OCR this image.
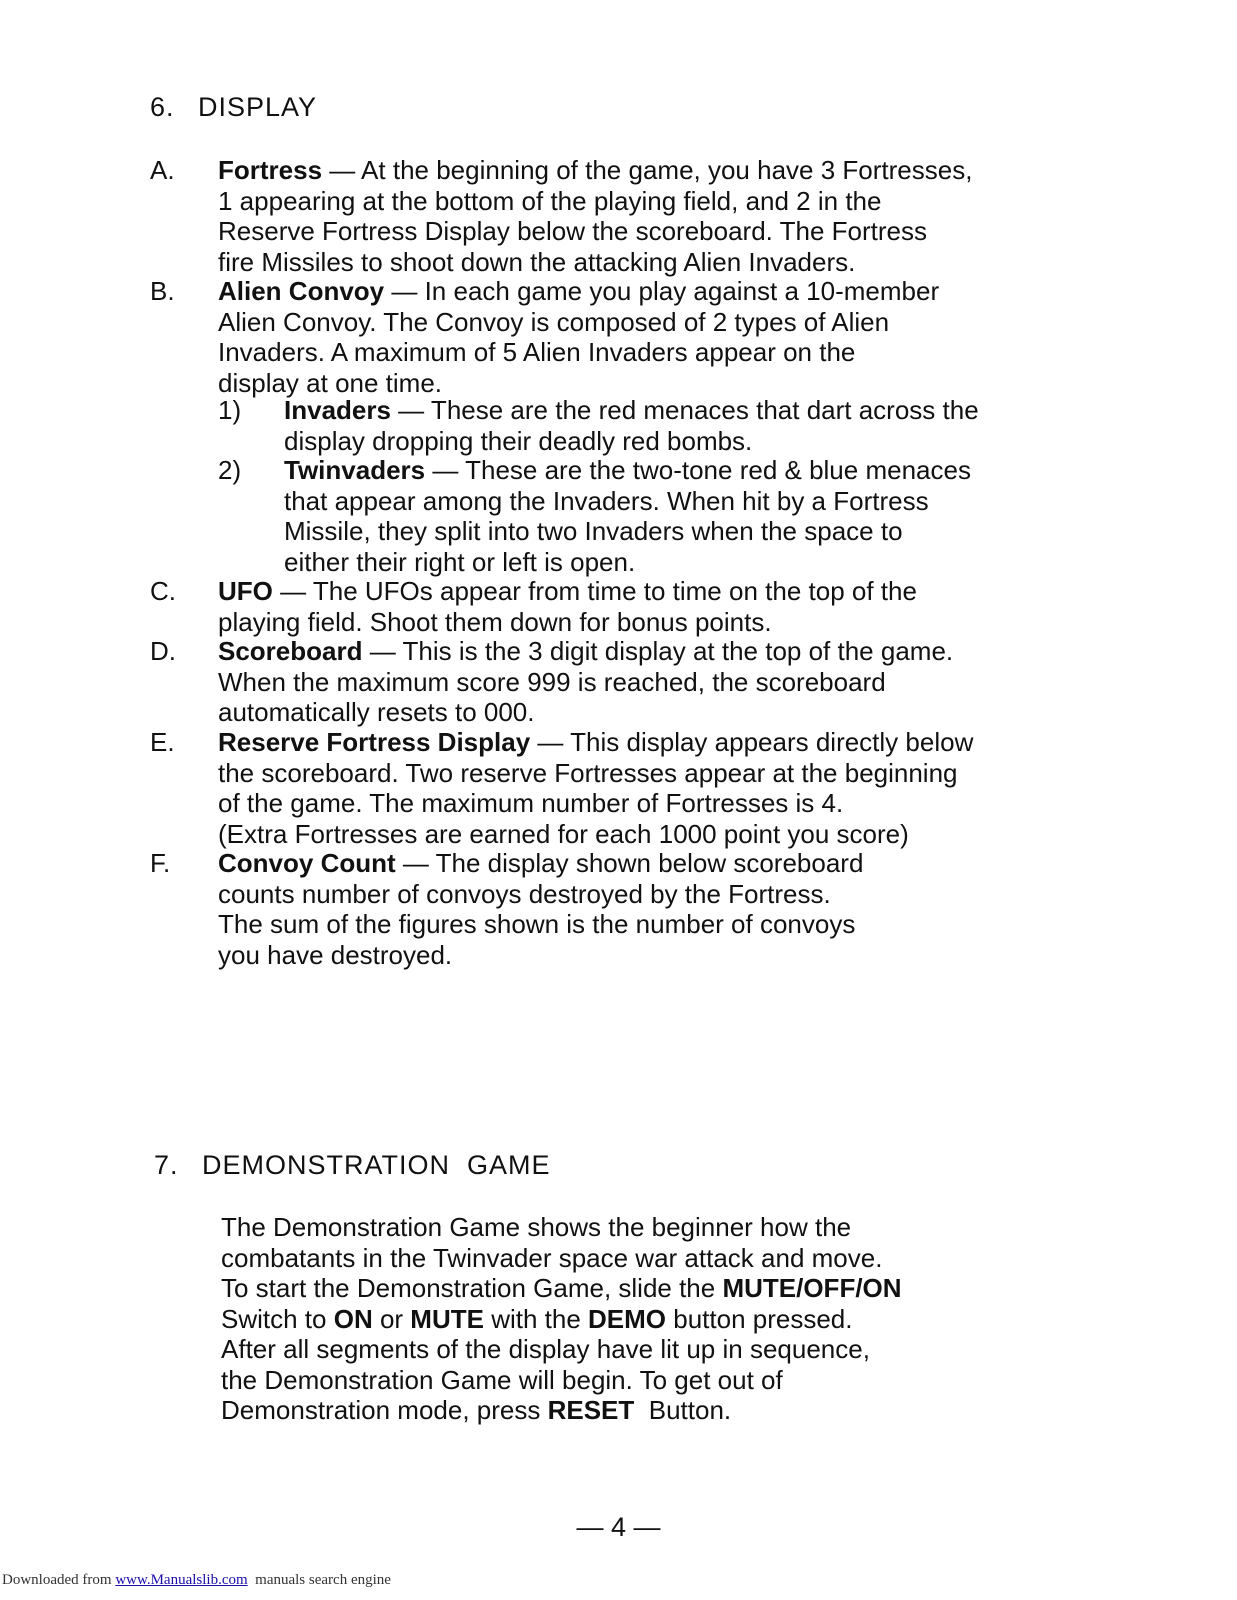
6. DISPLAY
A. Fortress — At the beginning of the game, you have 3 Fortresses,
1 appearing at the bottom of the playing field, and 2 in the
Reserve Fortress Display below the scoreboard. The Fortress
fire Missiles to shoot down the attacking Alien Invaders.
B. Alien Convoy — In each game you play against a 10-member
Alien Convoy. The Convoy is composed of 2 types of Alien
Invaders. A maximum of 5 Alien Invaders appear on the
display at one time.
1) Invaders — These are the red menaces that dart across the
display dropping their deadly red bombs.
2) Twinvaders — These are the two-tone red & blue menaces
that appear among the Invaders. When hit by a Fortress
Missile, they split into two Invaders when the space to
either their right or left is open.
C. UFO — The UFOs appear from time to time on the top of the
playing field. Shoot them down for bonus points.
D. Scoreboard — This is the 3 digit display at the top of the game.
When the maximum score 999 is reached, the scoreboard
automatically resets to 000.
E. Reserve Fortress Display — This display appears directly below
the scoreboard. Two reserve Fortresses appear at the beginning
of the game. The maximum number of Fortresses is 4.
(Extra Fortresses are earned for each 1000 point you score)
F. Convoy Count — The display shown below scoreboard
counts number of convoys destroyed by the Fortress.
The sum of the figures shown is the number of convoys
you have destroyed.
7. DEMONSTRATION  GAME
The Demonstration Game shows the beginner how the
combatants in the Twinvader space war attack and move.
To start the Demonstration Game, slide the MUTE/OFF/ON
Switch to ON or MUTE with the DEMO button pressed.
After all segments of the display have lit up in sequence,
the Demonstration Game will begin. To get out of
Demonstration mode, press RESET  Button.
— 4 —
Downloaded from www.Manualslib.com  manuals search engine
